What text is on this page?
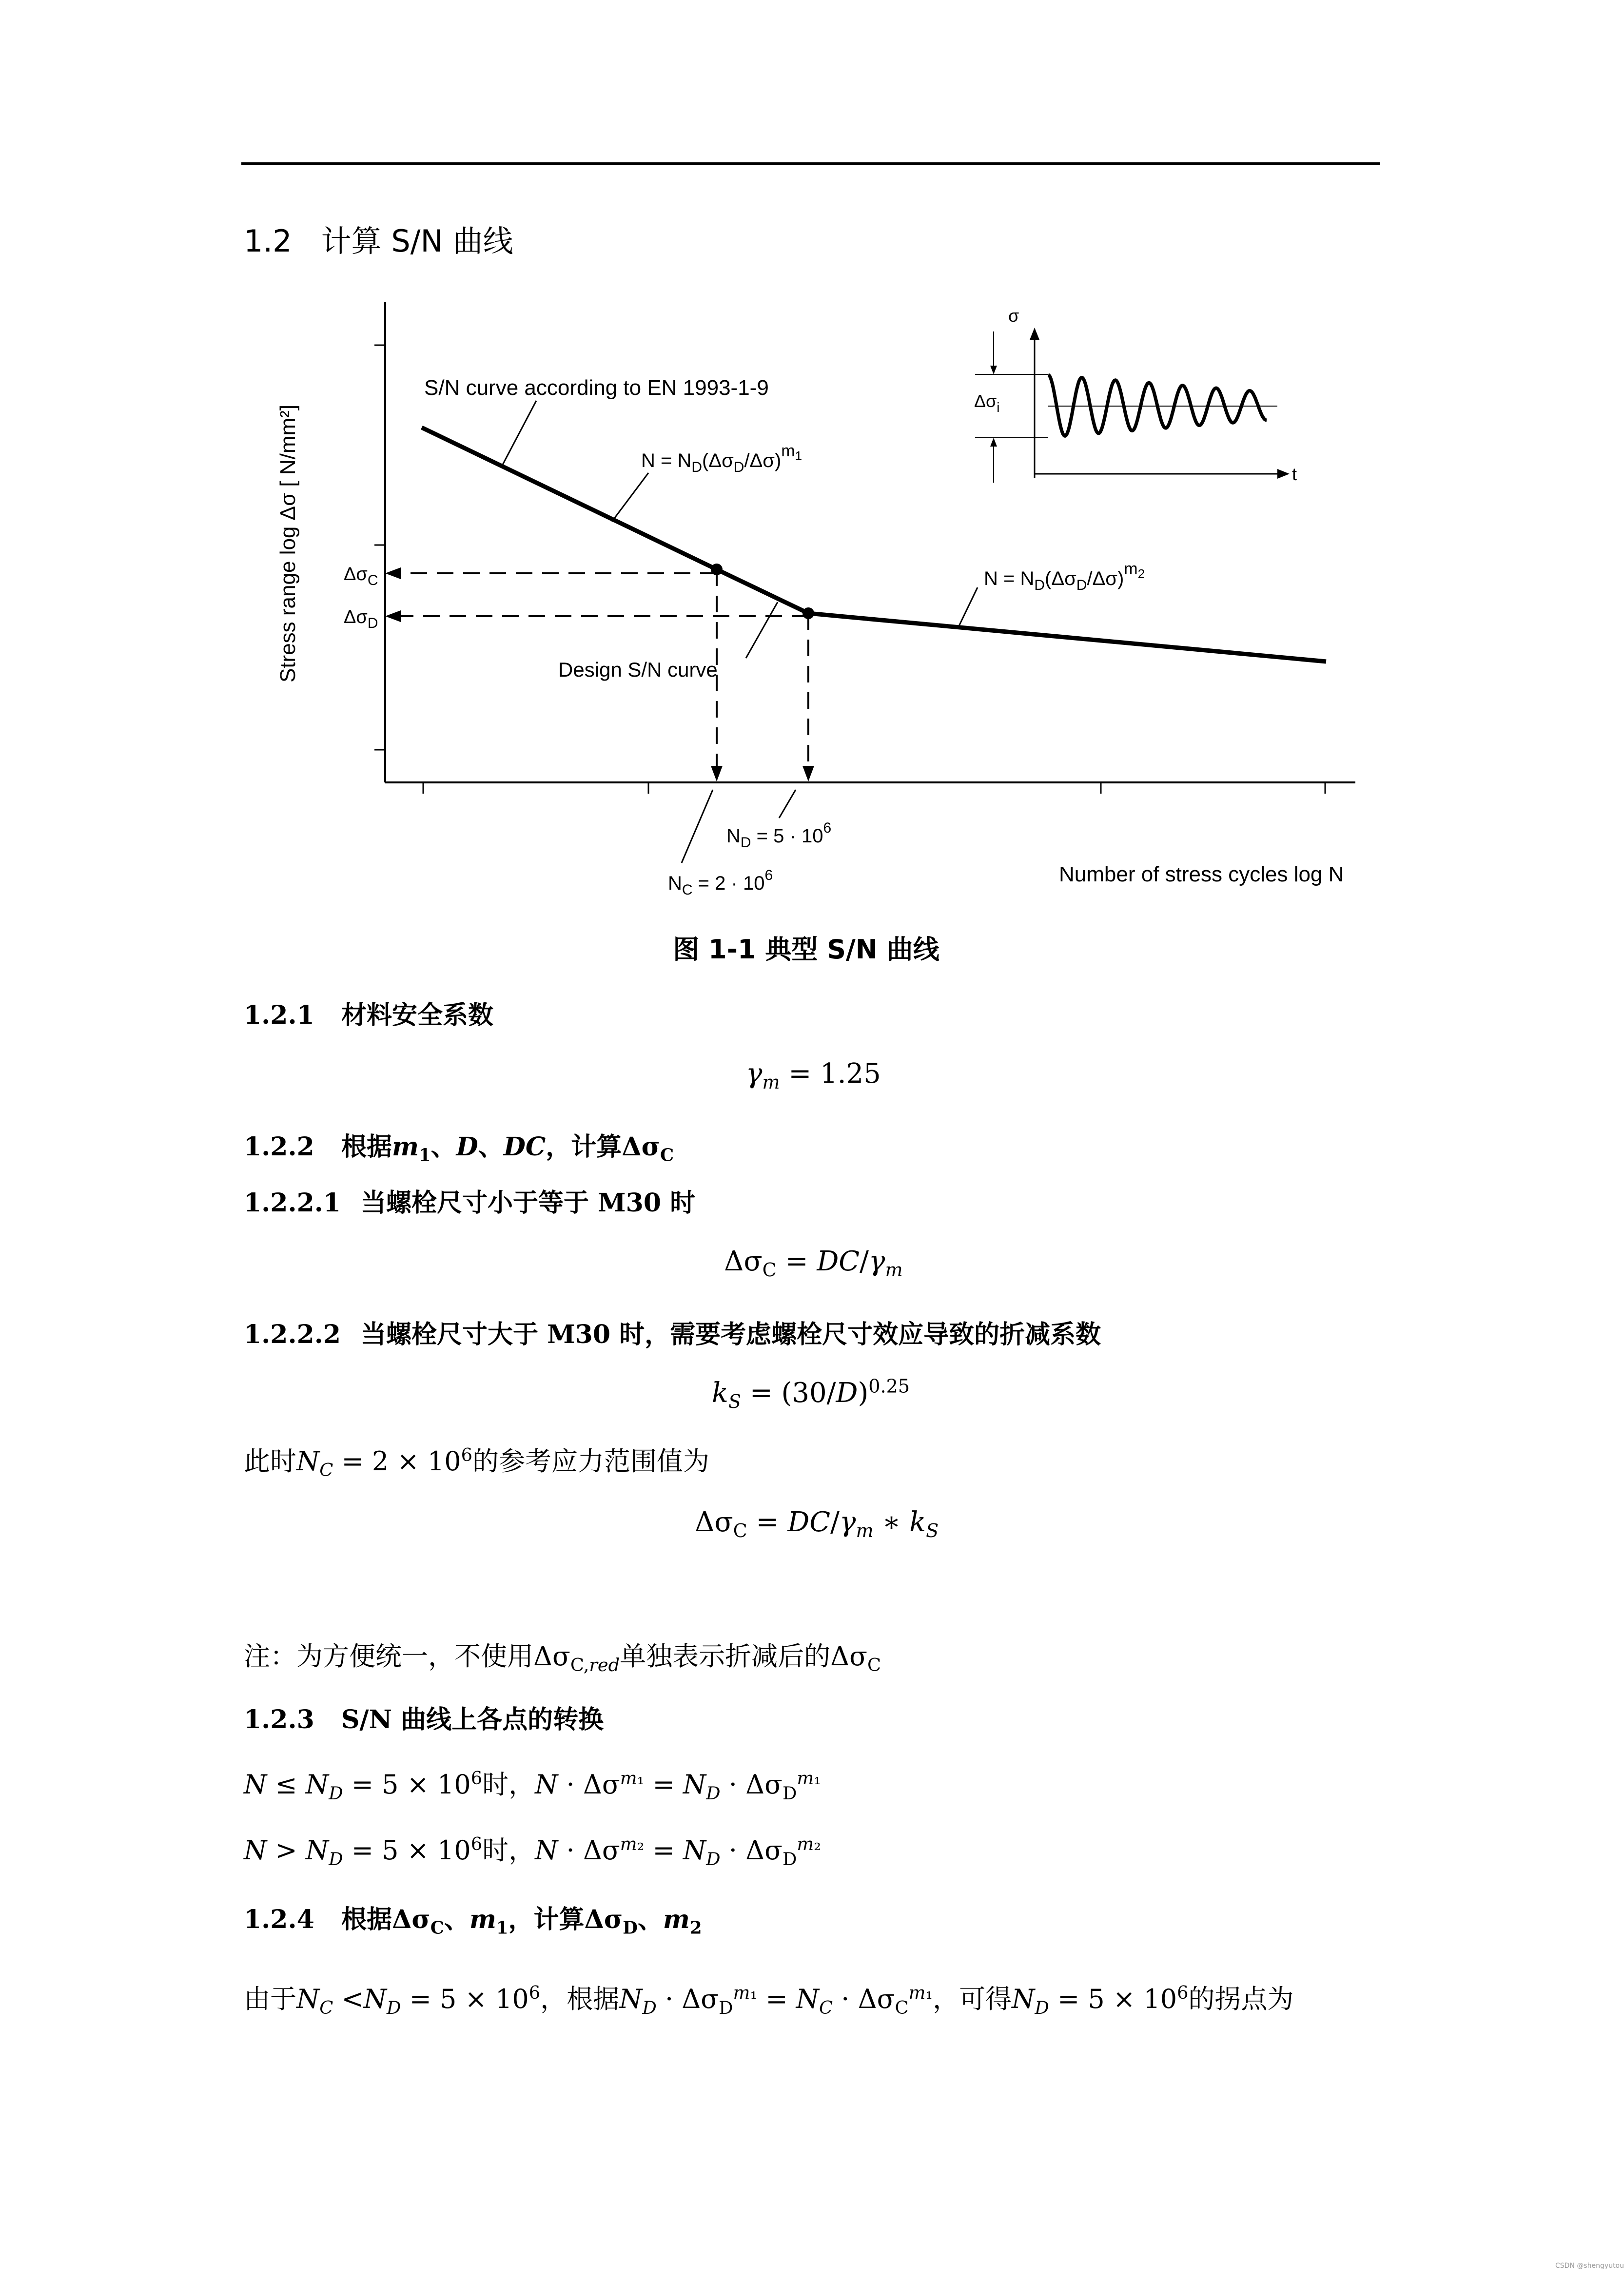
1.2 计算 S/N 曲线
Stress range log Δσ [ N/mm²] $\Delta\sigma_C$
$\Delta\sigma_D$
S/N curve according to EN 1993-1-9
$N = N_D(\Delta\sigma_D/\Delta\sigma)^m_1$
$N = N_D(\Delta\sigma_D/\Delta\sigma)^m_2$
Design S/N curve
$N_D = 5 \cdot 10^6$
$N_C = 2 \cdot 10^6$	Number of stress cycles log N
σ
t
$\Delta\sigma_i$
图 1-1 典型 S/N 曲线
1.2.1 材料安全系数
$\gamma_m = 1.25$
1.2.2 根据$m_1$、D、DC，计算$\Delta\sigma_C$
1.2.2.1 当螺栓尺寸小于等于 M30 时
$\Delta\sigma_C = DC/\gamma_m$
1.2.2.2 当螺栓尺寸大于 M30 时，需要考虑螺栓尺寸效应导致的折减系数
$k_S = (30/D)^{0.25}$
此时$N_C = 2 \times 10^6$的参考应力范围值为
$\Delta\sigma_C = DC/\gamma_m$ ∗ $k_S$
注：为方便统一，不使用$\Delta\sigma_{C,red}$单独表示折减后的$\Delta\sigma_C$
1.2.3 S/N 曲线上各点的转换
$N \le N_D = 5 \times 10^6$时，$N \cdot \Delta\sigma^{m_1} = N_D \cdot \Delta\sigma_D^{m_1}$
$N > N_D = 5 \times 10^6$时，$N \cdot \Delta\sigma^{m_2} = N_D \cdot \Delta\sigma_D^{m_2}$
1.2.4 根据$\Delta\sigma_C$、$m_1$，计算$\Delta\sigma_D$、$m_2$
由于$N_C <N_D = 5 \times 10^6$，根据$N_D \cdot \Delta\sigma_D^{m_1} = N_C \cdot \Delta\sigma_C^{m_1}$，可得$N_D = 5 \times 10^6$的拐点为
CSDN @shengyutou
